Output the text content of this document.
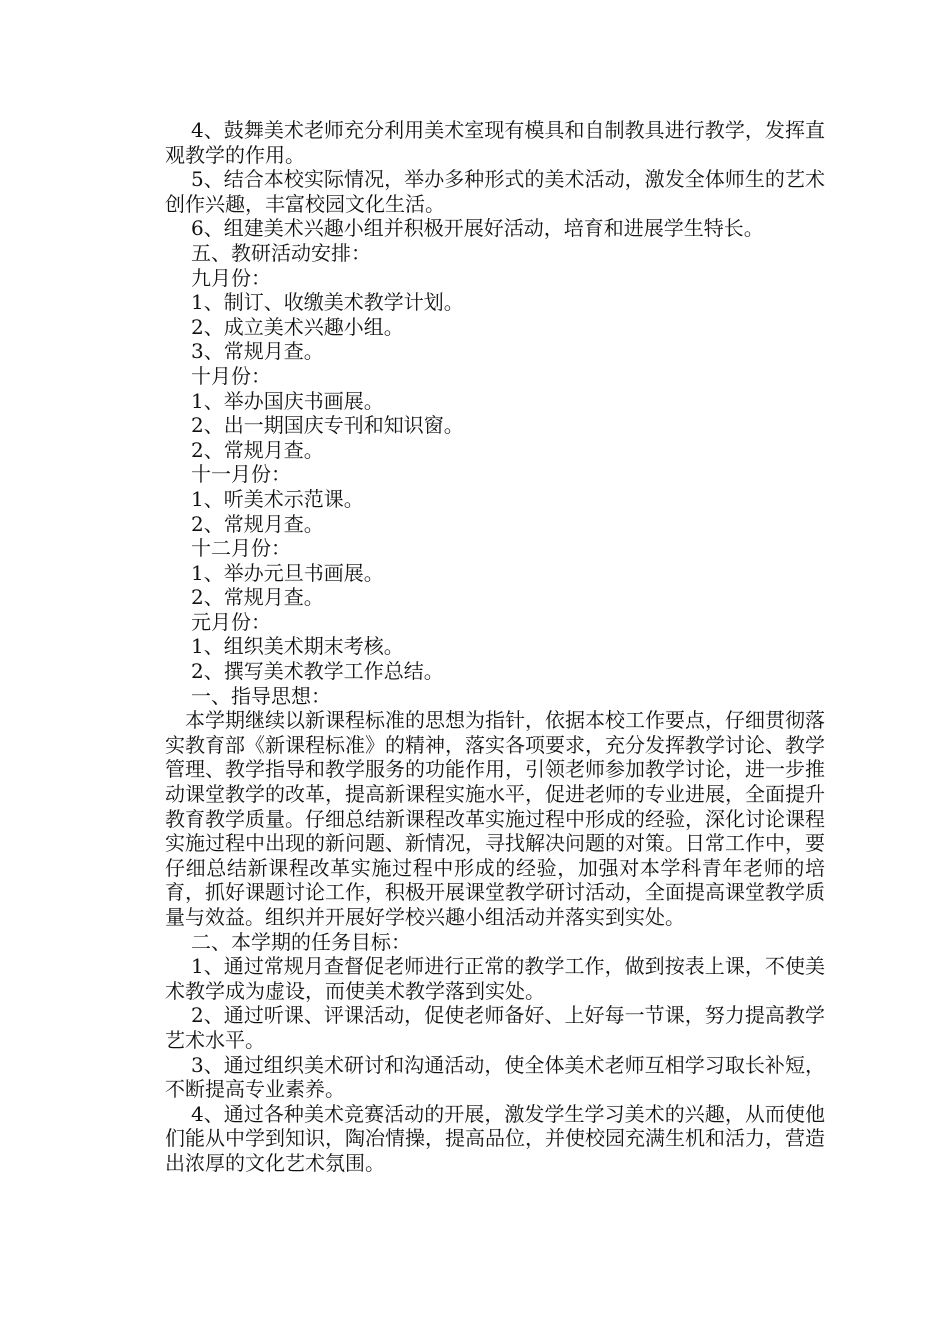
4、鼓舞美术老师充分利用美术室现有模具和自制教具进行教学，发挥直观教学的作用。

5、结合本校实际情况，举办多种形式的美术活动，激发全体师生的艺术创作兴趣，丰富校园文化生活。

6、组建美术兴趣小组并积极开展好活动，培育和进展学生特长。

五、教研活动安排：

九月份：

1、制订、收缴美术教学计划。

2、成立美术兴趣小组。

3、常规月查。

十月份：

1、举办国庆书画展。

2、出一期国庆专刊和知识窗。

2、常规月查。

十一月份：

1、听美术示范课。

2、常规月查。

十二月份：

1、举办元旦书画展。

2、常规月查。

元月份：

1、组织美术期末考核。

2、撰写美术教学工作总结。

一、指导思想：

本学期继续以新课程标准的思想为指针，依据本校工作要点，仔细贯彻落实教育部《新课程标准》的精神，落实各项要求，充分发挥教学讨论、教学管理、教学指导和教学服务的功能作用，引领老师参加教学讨论，进一步推动课堂教学的改革，提高新课程实施水平，促进老师的专业进展，全面提升教育教学质量。仔细总结新课程改革实施过程中形成的经验，深化讨论课程实施过程中出现的新问题、新情况，寻找解决问题的对策。日常工作中，要仔细总结新课程改革实施过程中形成的经验，加强对本学科青年老师的培育，抓好课题讨论工作，积极开展课堂教学研讨活动，全面提高课堂教学质量与效益。组织并开展好学校兴趣小组活动并落实到实处。

二、本学期的任务目标：

1、通过常规月查督促老师进行正常的教学工作，做到按表上课，不使美术教学成为虚设，而使美术教学落到实处。

2、通过听课、评课活动，促使老师备好、上好每一节课，努力提高教学艺术水平。

3、通过组织美术研讨和沟通活动，使全体美术老师互相学习取长补短，不断提高专业素养。

4、通过各种美术竞赛活动的开展，激发学生学习美术的兴趣，从而使他们能从中学到知识，陶冶情操，提高品位，并使校园充满生机和活力，营造出浓厚的文化艺术氛围。
